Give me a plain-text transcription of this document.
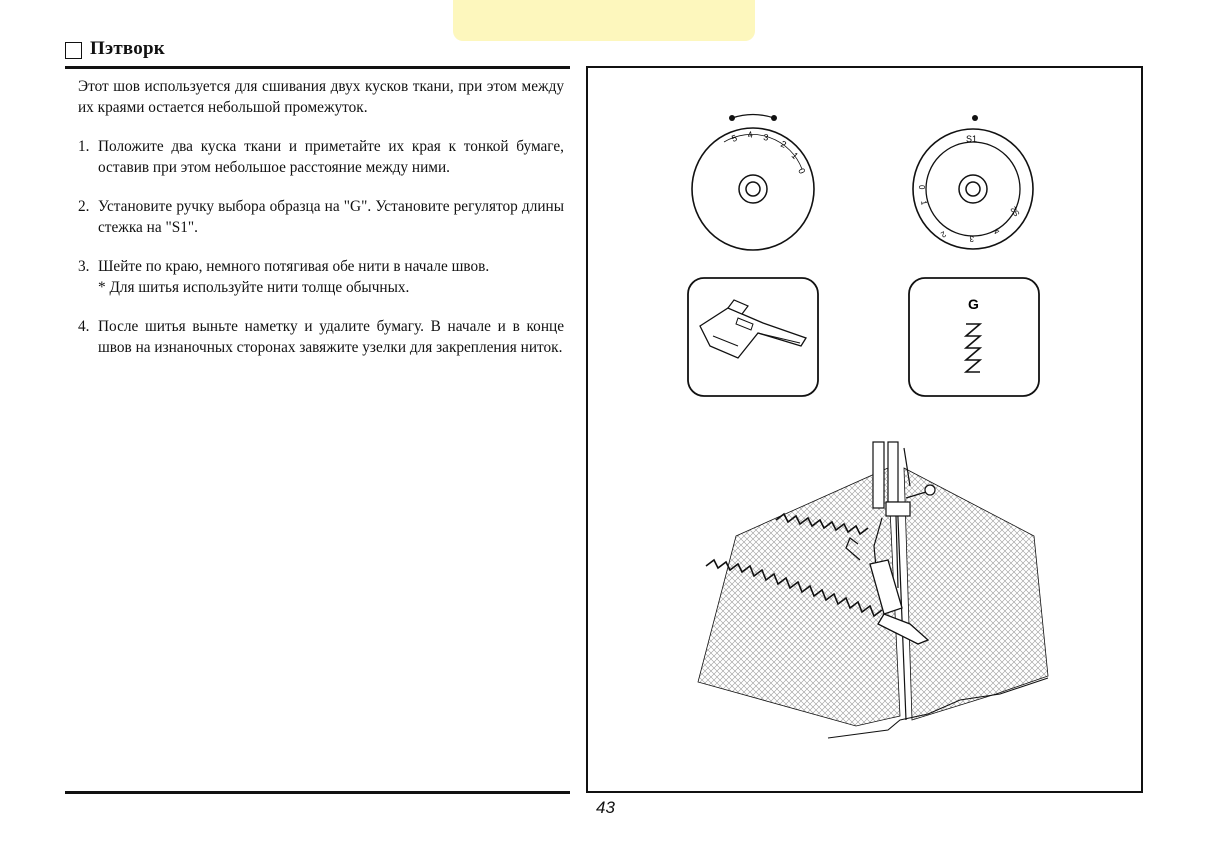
Пэтворк

Этот шов используется для сшивания двух кусков ткани, при этом между их краями остается небольшой промежуток.

1. Положите два куска ткани и приметайте их края к тонкой бумаге, оставив при этом небольшое расстояние между ними.
2. Установите ручку выбора образца на "G". Установите регулятор длины стежка на "S1".
3. Шейте по краю, немного потягивая обе нити в начале швов.
* Для шитья используйте нити толще обычных.
4. После шитья выньте наметку и удалите бумагу. В начале и в конце швов на изнаночных сторонах завяжите узелки для закрепления ниток.
5 4 3
2
1
0
S1
0
1
2	3
4
S2
G
43
